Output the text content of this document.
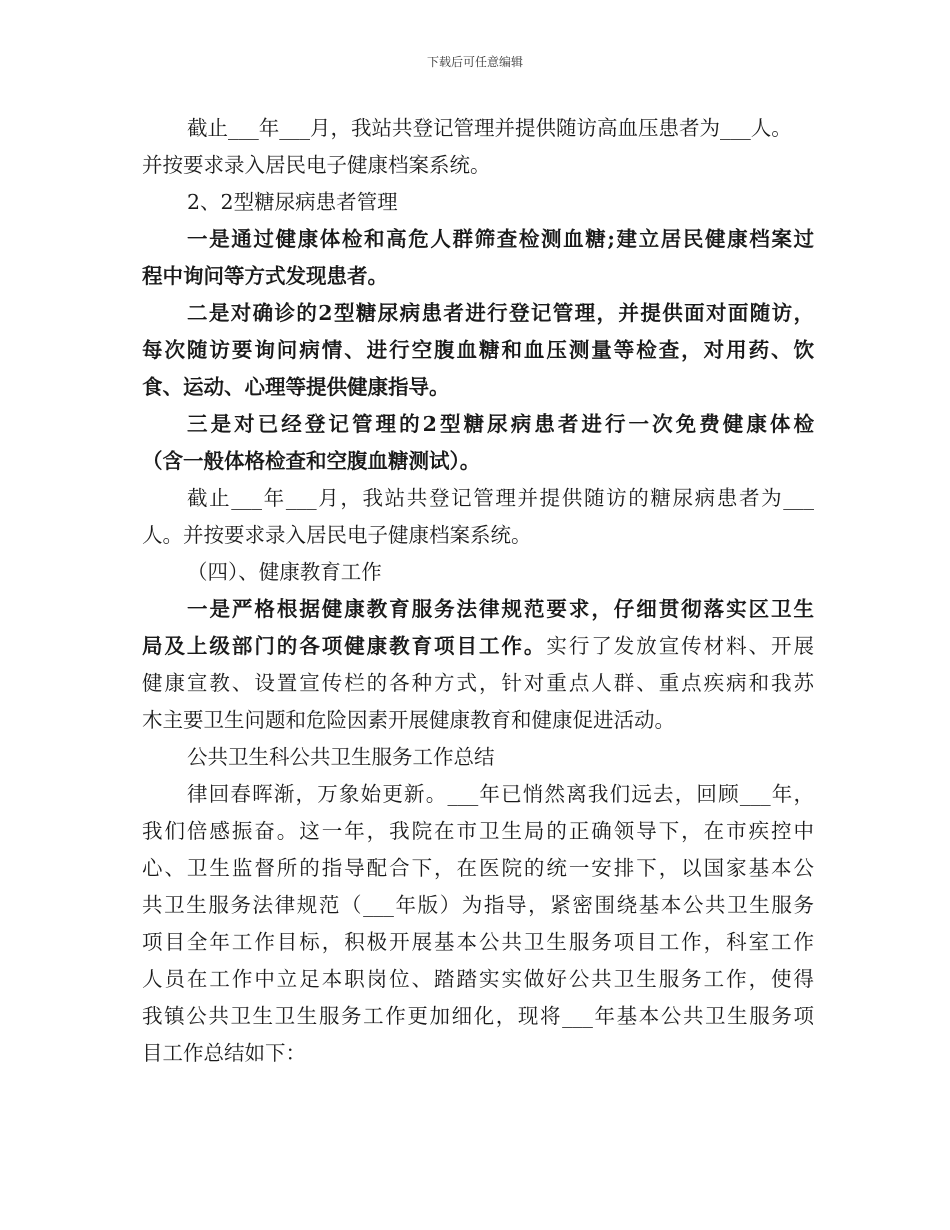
下载后可任意编辑
截止___年___月，我站共登记管理并提供随访高血压患者为___人。
并按要求录入居民电子健康档案系统。
2、2型糖尿病患者管理
一是通过健康体检和高危人群筛查检测血糖;建立居民健康档案过
程中询问等方式发现患者。
二是对确诊的2型糖尿病患者进行登记管理，并提供面对面随访，
每次随访要询问病情、进行空腹血糖和血压测量等检查，对用药、饮
食、运动、心理等提供健康指导。
三是对已经登记管理的2型糖尿病患者进行一次免费健康体检
（含一般体格检查和空腹血糖测试）。
截止___年___月，我站共登记管理并提供随访的糖尿病患者为___
人。并按要求录入居民电子健康档案系统。
（四）、健康教育工作
一是严格根据健康教育服务法律规范要求，仔细贯彻落实区卫生
局及上级部门的各项健康教育项目工作。实行了发放宣传材料、开展
健康宣教、设置宣传栏的各种方式，针对重点人群、重点疾病和我苏
木主要卫生问题和危险因素开展健康教育和健康促进活动。
公共卫生科公共卫生服务工作总结
律回春晖渐，万象始更新。___年已悄然离我们远去，回顾___年，
我们倍感振奋。这一年，我院在市卫生局的正确领导下，在市疾控中
心、卫生监督所的指导配合下，在医院的统一安排下，以国家基本公
共卫生服务法律规范（___年版）为指导，紧密围绕基本公共卫生服务
项目全年工作目标，积极开展基本公共卫生服务项目工作，科室工作
人员在工作中立足本职岗位、踏踏实实做好公共卫生服务工作，使得
我镇公共卫生卫生服务工作更加细化，现将___年基本公共卫生服务项
目工作总结如下：
